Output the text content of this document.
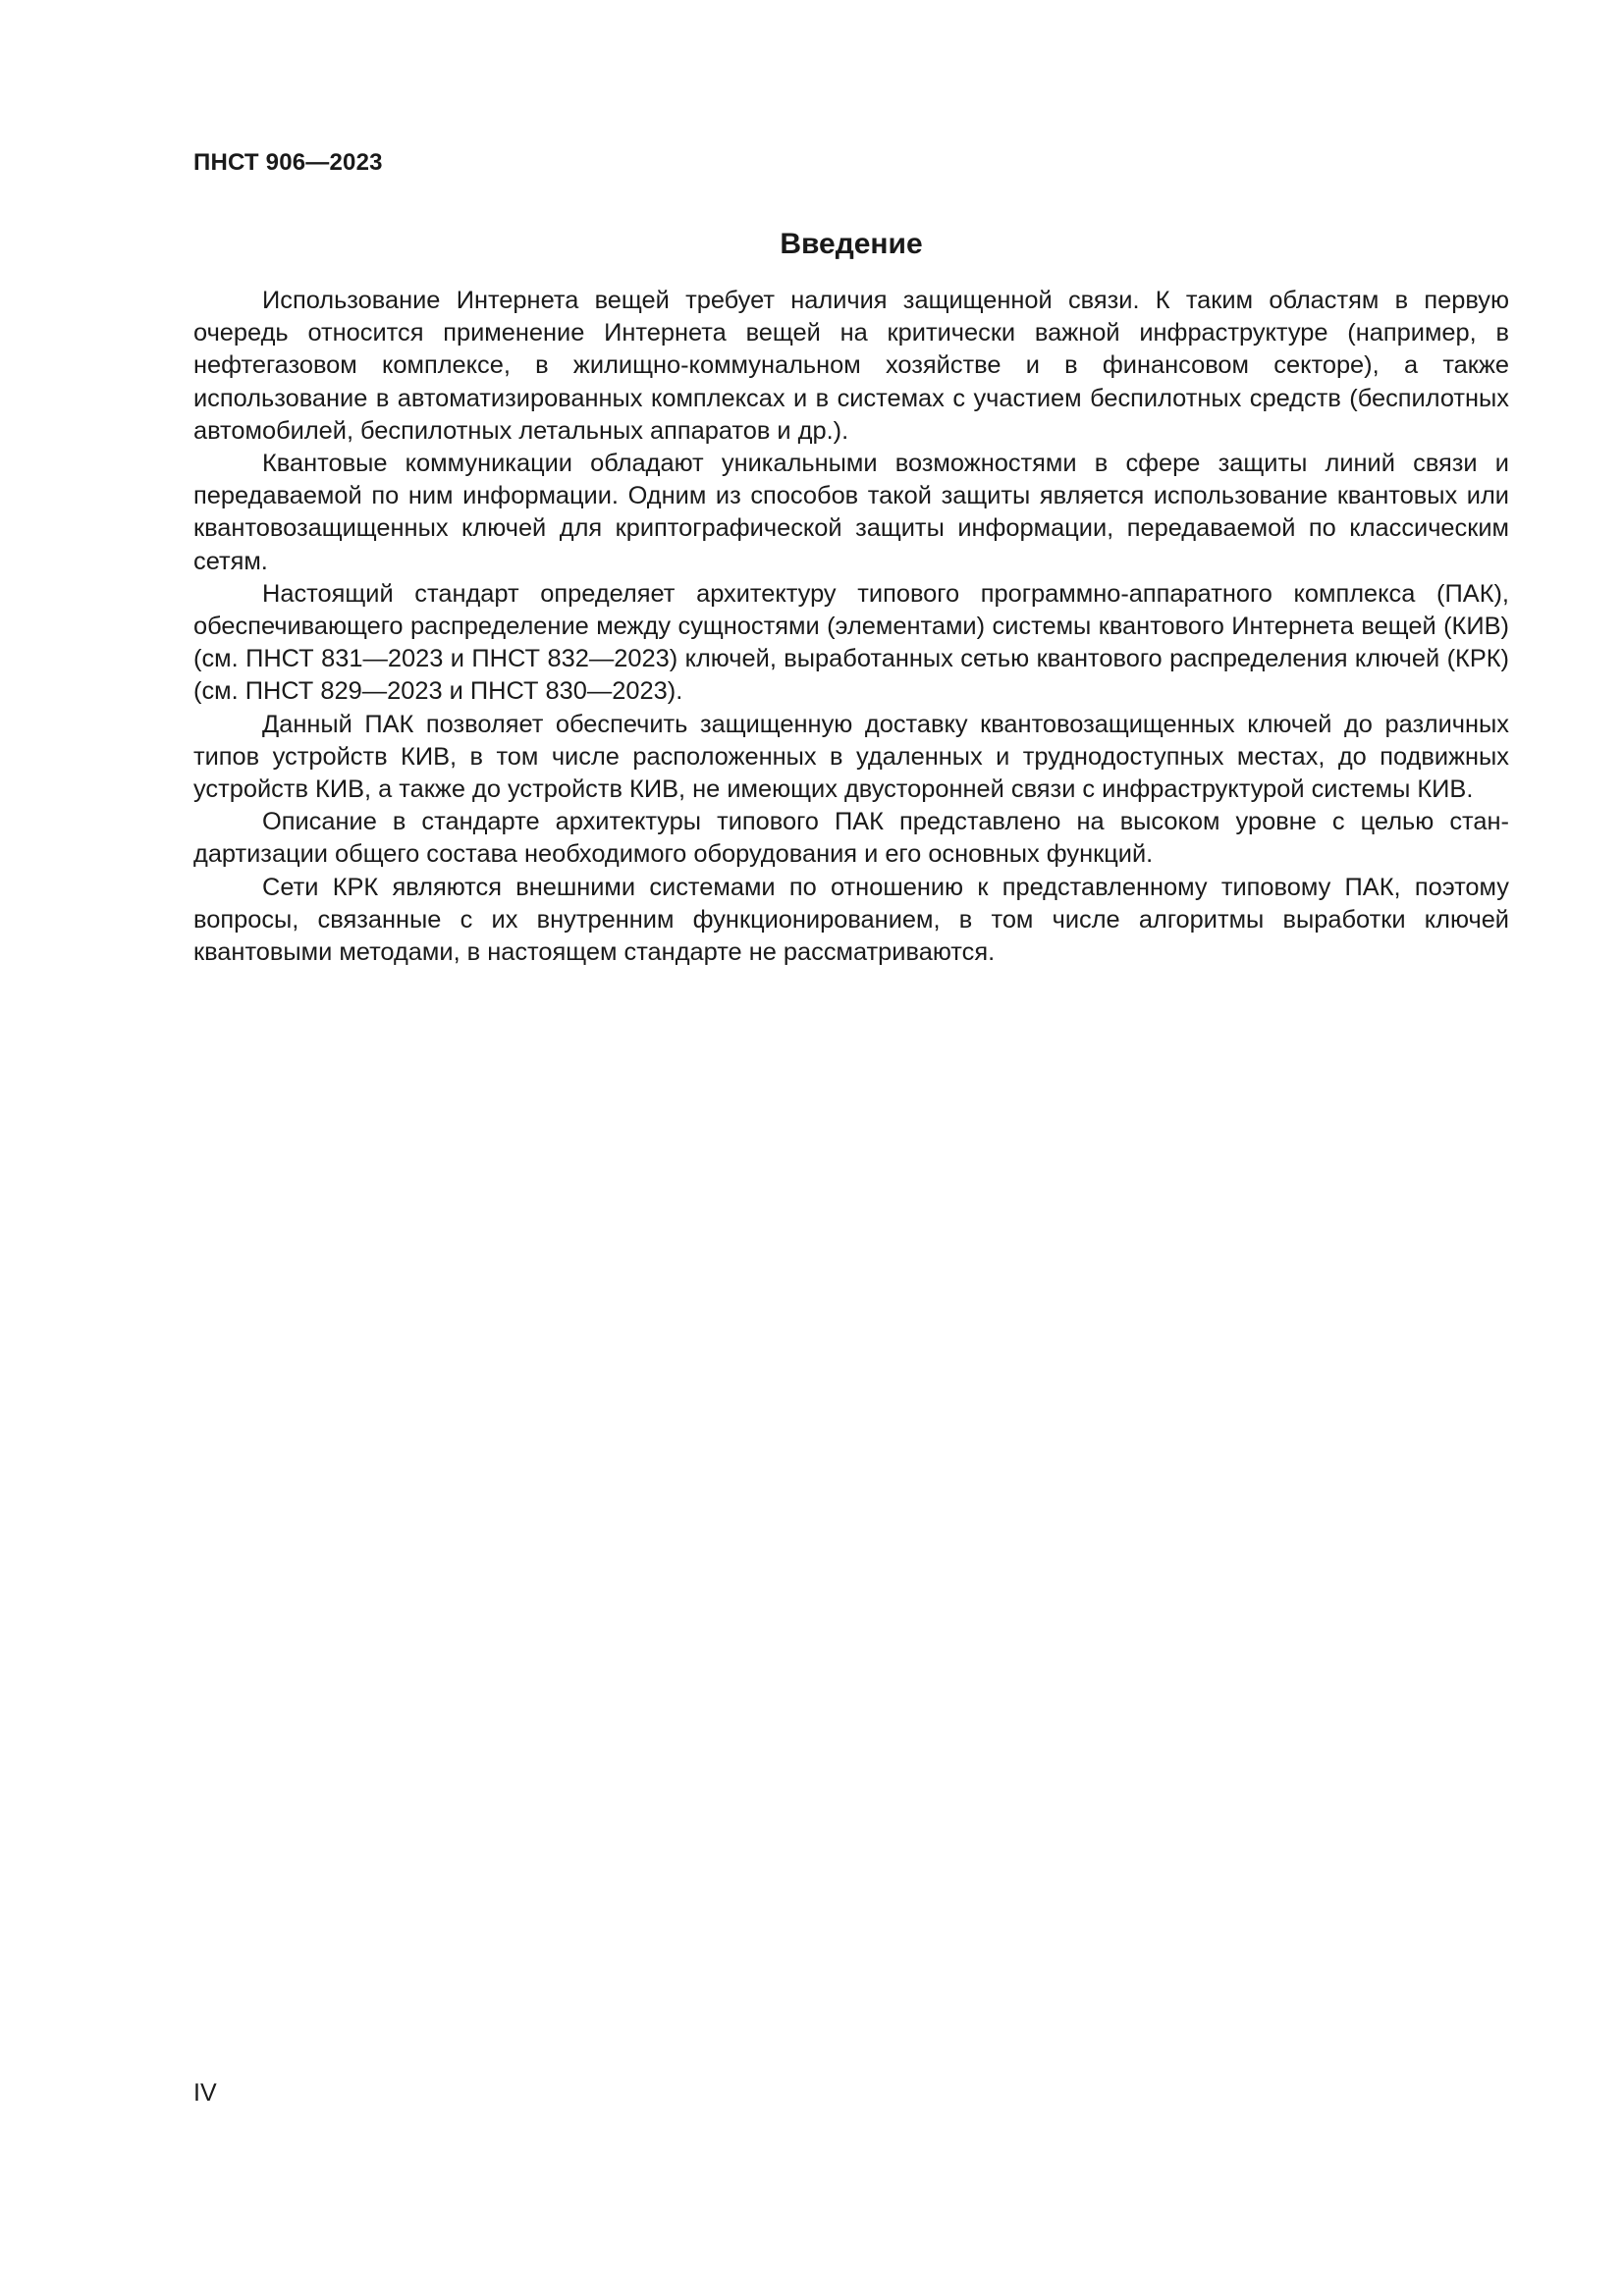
ПНСТ 906—2023

Введение

Использование Интернета вещей требует наличия защищенной связи. К таким областям в первую очередь относится применение Интернета вещей на критически важной инфраструктуре (например, в нефтегазовом комплексе, в жилищно-коммунальном хозяйстве и в финансовом секторе), а также использование в автоматизированных комплексах и в системах с участием беспилотных средств (беспилотных автомобилей, беспилотных летальных аппаратов и др.).

Квантовые коммуникации обладают уникальными возможностями в сфере защиты линий связи и передаваемой по ним информации. Одним из способов такой защиты является использование квантовых или квантовозащищенных ключей для криптографической защиты информации, передаваемой по классическим сетям.

Настоящий стандарт определяет архитектуру типового программно-аппаратного комплекса (ПАК), обеспечивающего распределение между сущностями (элементами) системы квантового Интернета вещей (КИВ) (см. ПНСТ 831—2023 и ПНСТ 832—2023) ключей, выработанных сетью квантового распределения ключей (КРК) (см. ПНСТ 829—2023 и ПНСТ 830—2023).

Данный ПАК позволяет обеспечить защищенную доставку квантовозащищенных ключей до различных типов устройств КИВ, в том числе расположенных в удаленных и труднодоступных местах, до подвижных устройств КИВ, а также до устройств КИВ, не имеющих двусторонней связи с инфраструктурой системы КИВ.

Описание в стандарте архитектуры типового ПАК представлено на высоком уровне с целью стандартизации общего состава необходимого оборудования и его основных функций.

Сети КРК являются внешними системами по отношению к представленному типовому ПАК, поэтому вопросы, связанные с их внутренним функционированием, в том числе алгоритмы выработки ключей квантовыми методами, в настоящем стандарте не рассматриваются.

IV
